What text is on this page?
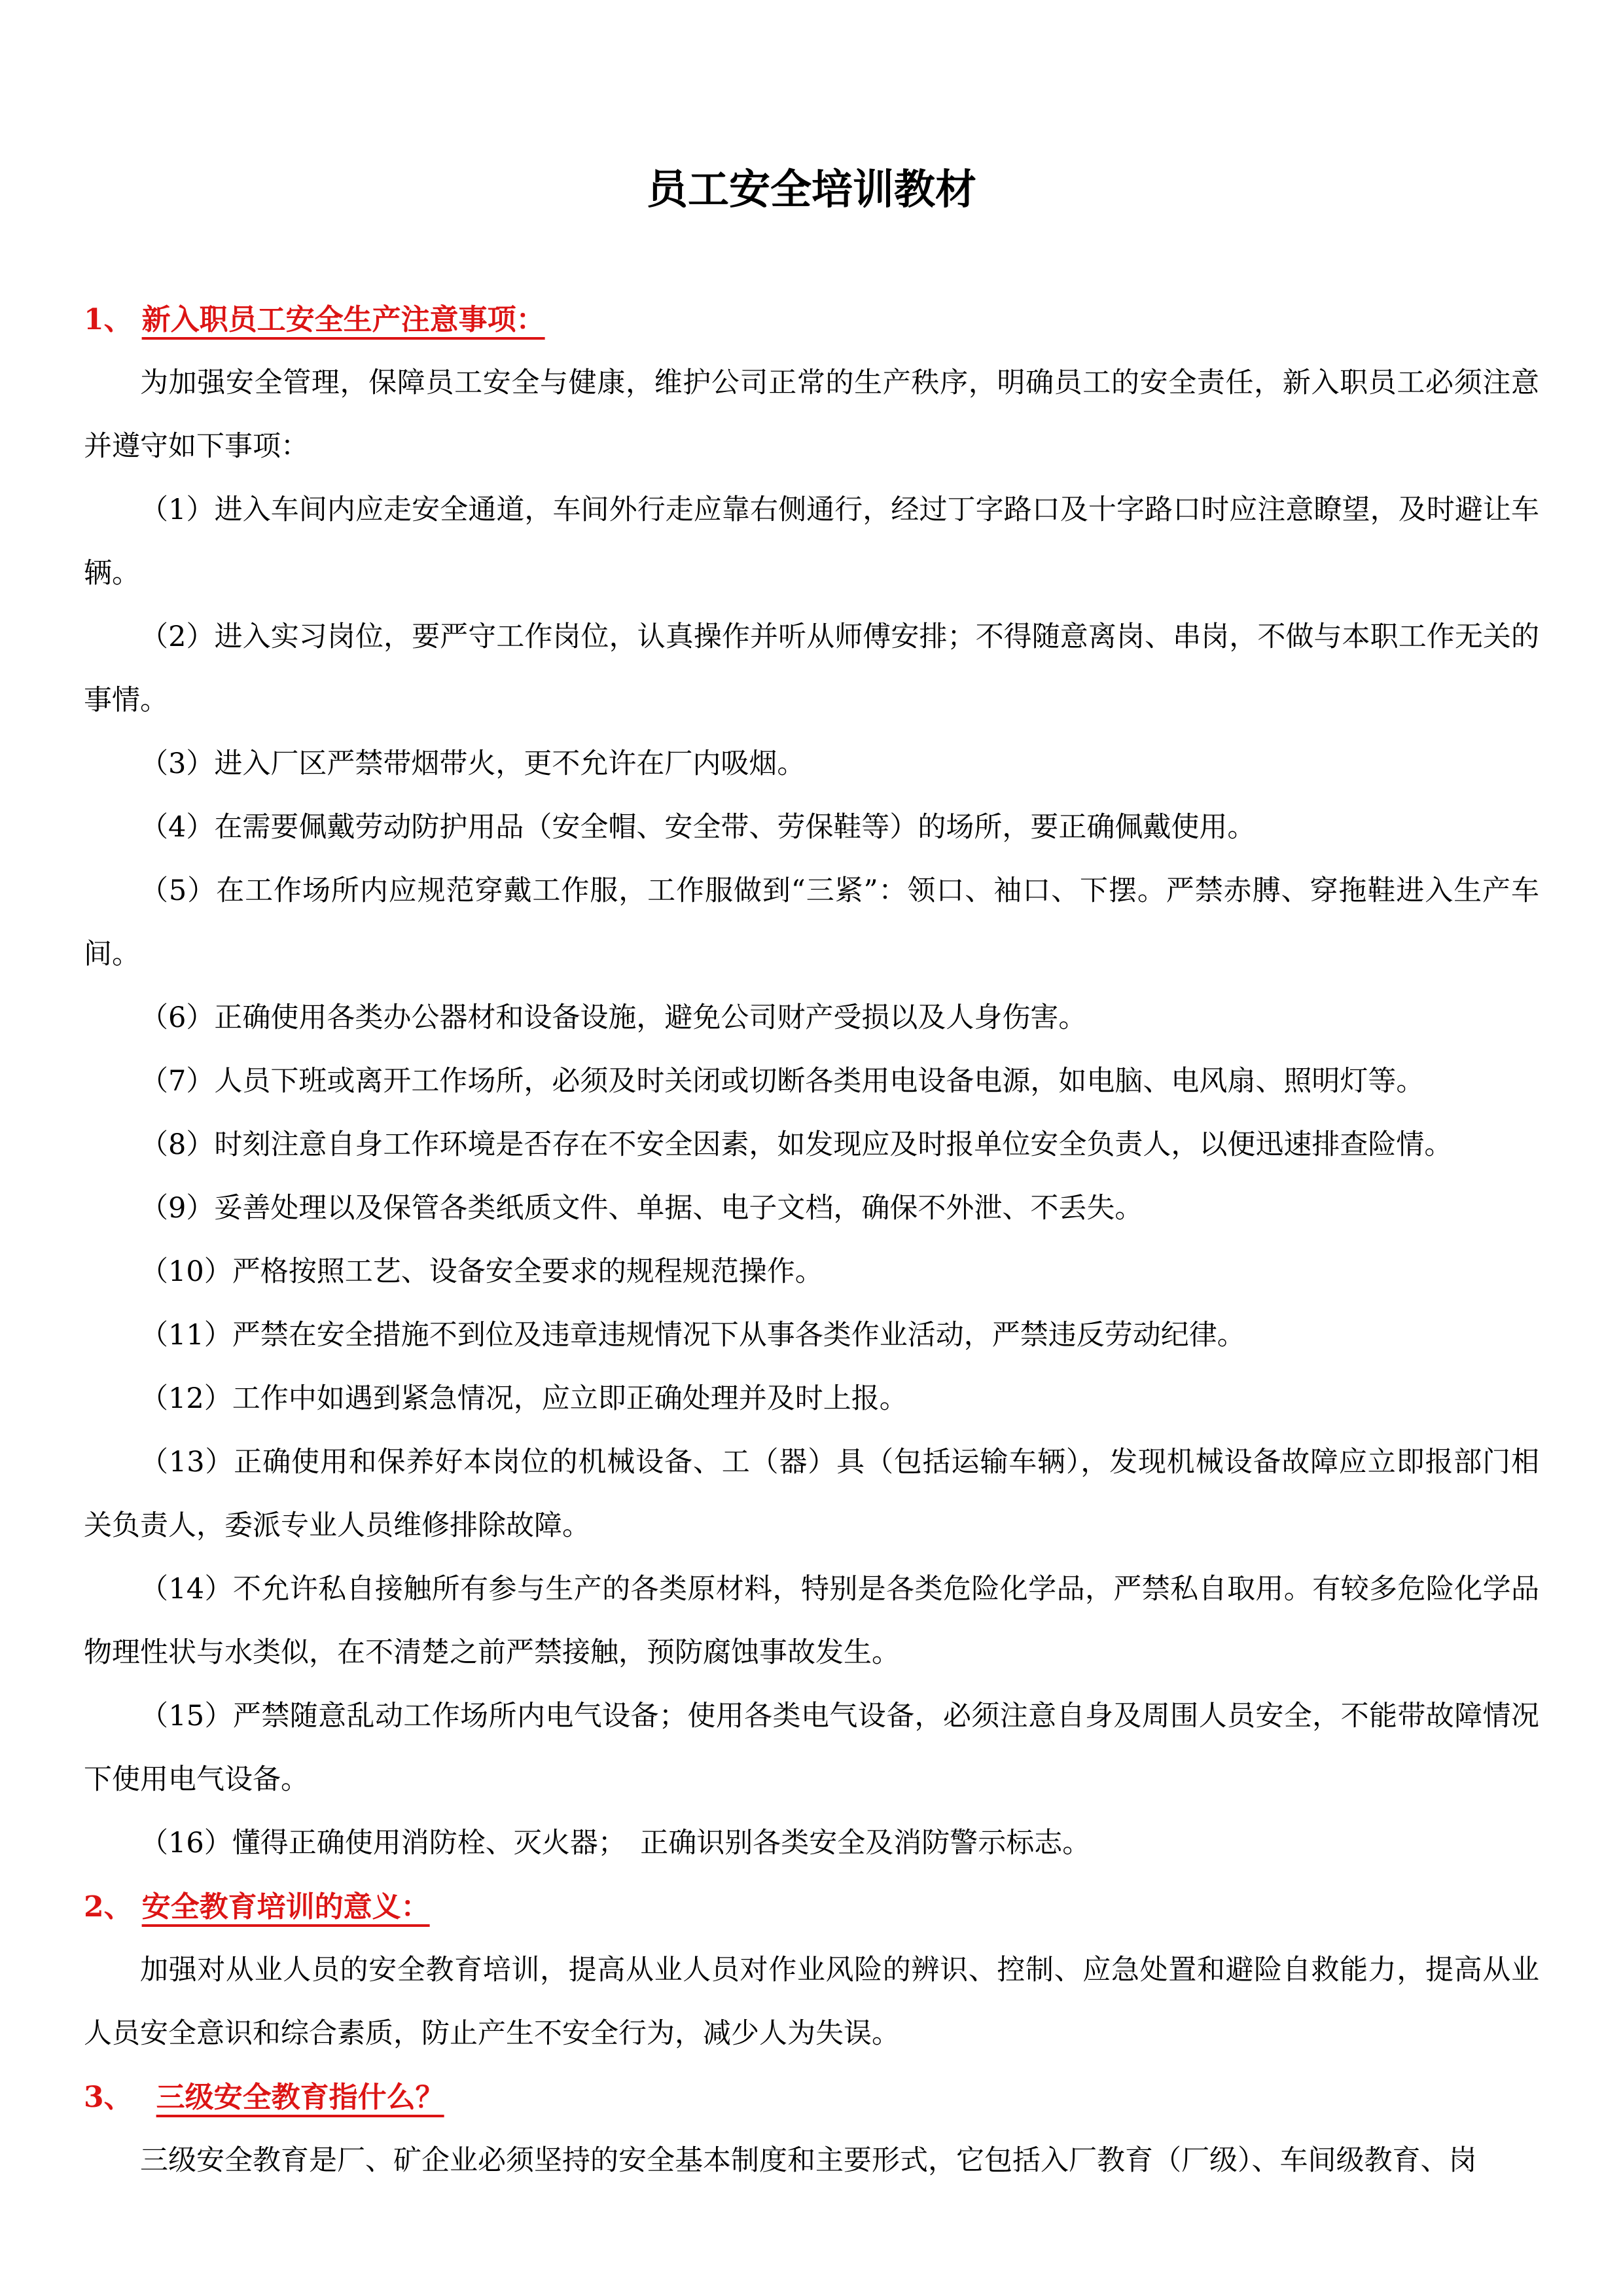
员工安全培训教材
1、 新入职员工安全生产注意事项：

为加强安全管理，保障员工安全与健康，维护公司正常的生产秩序，明确员工的安全责任，新入职员工必须注意并遵守如下事项：

（1）进入车间内应走安全通道，车间外行走应靠右侧通行，经过丁字路口及十字路口时应注意瞭望，及时避让车辆。

（2）进入实习岗位，要严守工作岗位，认真操作并听从师傅安排；不得随意离岗、串岗，不做与本职工作无关的事情。

（3）进入厂区严禁带烟带火，更不允许在厂内吸烟。

（4）在需要佩戴劳动防护用品（安全帽、安全带、劳保鞋等）的场所，要正确佩戴使用。

（5）在工作场所内应规范穿戴工作服，工作服做到“三紧”：领口、袖口、下摆。严禁赤膊、穿拖鞋进入生产车间。

（6）正确使用各类办公器材和设备设施，避免公司财产受损以及人身伤害。

（7）人员下班或离开工作场所，必须及时关闭或切断各类用电设备电源，如电脑、电风扇、照明灯等。

（8）时刻注意自身工作环境是否存在不安全因素，如发现应及时报单位安全负责人，以便迅速排查险情。

（9）妥善处理以及保管各类纸质文件、单据、电子文档，确保不外泄、不丢失。

（10）严格按照工艺、设备安全要求的规程规范操作。

（11）严禁在安全措施不到位及违章违规情况下从事各类作业活动，严禁违反劳动纪律。

（12）工作中如遇到紧急情况，应立即正确处理并及时上报。

（13）正确使用和保养好本岗位的机械设备、工（器）具（包括运输车辆），发现机械设备故障应立即报部门相关负责人，委派专业人员维修排除故障。

（14）不允许私自接触所有参与生产的各类原材料，特别是各类危险化学品，严禁私自取用。有较多危险化学品物理性状与水类似，在不清楚之前严禁接触，预防腐蚀事故发生。

（15）严禁随意乱动工作场所内电气设备；使用各类电气设备，必须注意自身及周围人员安全，不能带故障情况下使用电气设备。

（16）懂得正确使用消防栓、灭火器；　正确识别各类安全及消防警示标志。

2、 安全教育培训的意义：

加强对从业人员的安全教育培训，提高从业人员对作业风险的辨识、控制、应急处置和避险自救能力，提高从业人员安全意识和综合素质，防止产生不安全行为，减少人为失误。

3、　三级安全教育指什么？

三级安全教育是厂、矿企业必须坚持的安全基本制度和主要形式，它包括入厂教育（厂级）、车间级教育、岗
